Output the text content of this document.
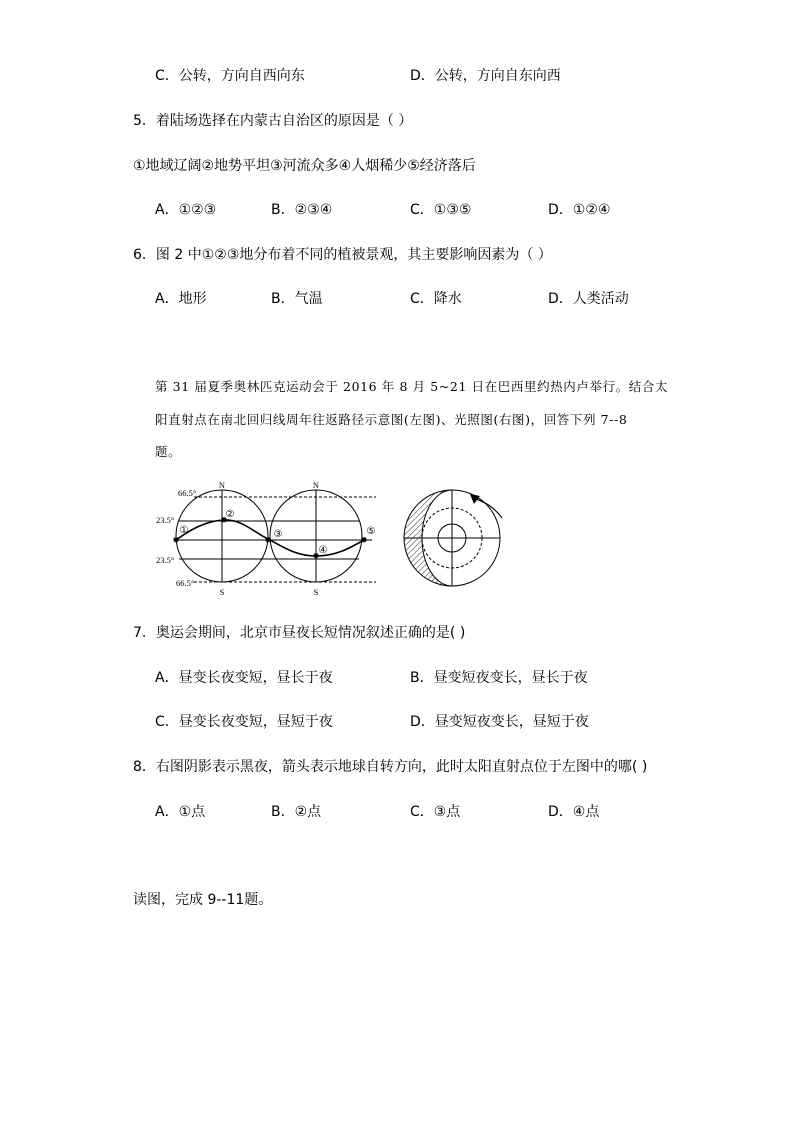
C．公转，方向自西向东	D．公转，方向自东向西
5．着陆场选择在内蒙古自治区的原因是（ ）
①地域辽阔②地势平坦③河流众多④人烟稀少⑤经济落后
A．①②③	B．②③④	C．①③⑤	D．①②④
6．图 2 中①②③地分布着不同的植被景观，其主要影响因素为（ ）
A．地形	B．气温	C．降水	D．人类活动
第 31 届夏季奥林匹克运动会于 2016 年 8 月 5~21 日在巴西里约热内卢举行。结合太
阳直射点在南北回归线周年往返路径示意图(左图)、光照图(右图)，回答下列 7--8
题。
✹
✹
✹
✹
✹
66.5°
23.5°
23.5°
66.5°
N	N
S	S
①
②
③
④
⑤
7．奥运会期间，北京市昼夜长短情况叙述正确的是( )
A．昼变长夜变短，昼长于夜	B．昼变短夜变长，昼长于夜
C．昼变长夜变短，昼短于夜	D．昼变短夜变长，昼短于夜
8．右图阴影表示黑夜，箭头表示地球自转方向，此时太阳直射点位于左图中的哪( )
A．①点	B．②点	C．③点	D．④点
读图，完成 9--11题。
